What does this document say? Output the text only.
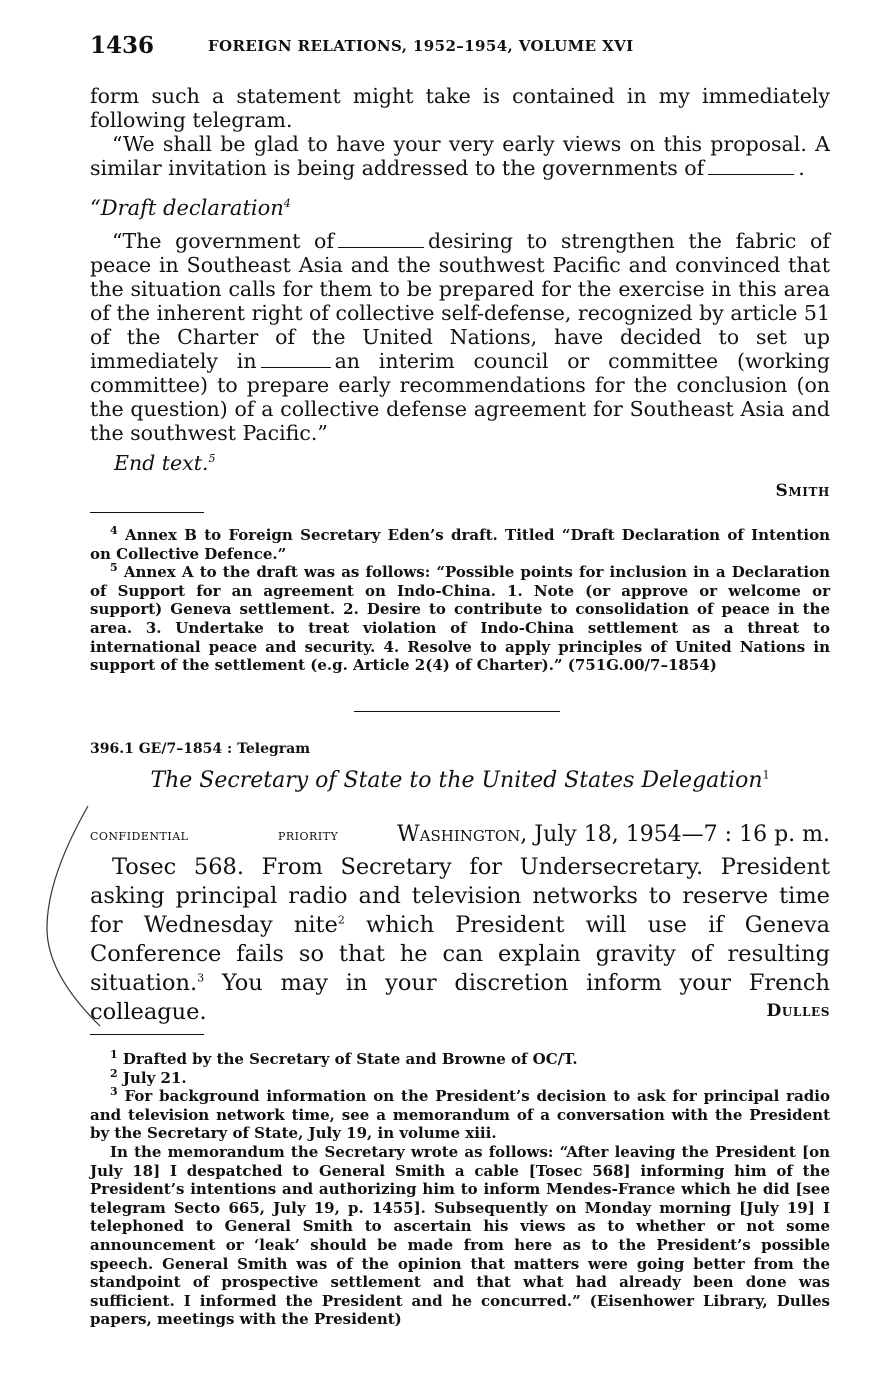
1436	FOREIGN RELATIONS, 1952–1954, VOLUME XVI

form such a statement might take is contained in my immediately following telegram.

“We shall be glad to have your very early views on this proposal. A similar invitation is being addressed to the governments of	.

“Draft declaration$^4$

“The government of	desiring to strengthen the fabric of peace in Southeast Asia and the southwest Pacific and convinced that the situation calls for them to be prepared for the exercise in this area of the inherent right of collective self-defense, recognized by article 51 of the Charter of the United Nations, have decided to set up immediately in	an interim council or committee (working committee) to prepare early recommendations for the conclusion (on the question) of a collective defense agreement for Southeast Asia and the southwest Pacific.”

End text.$^5$
Smith

$^4$ Annex B to Foreign Secretary Eden’s draft. Titled “Draft Declaration of Intention on Collective Defence.”

$^5$ Annex A to the draft was as follows: “Possible points for inclusion in a Declaration of Support for an agreement on Indo-China. 1. Note (or approve or welcome or support) Geneva settlement. 2. Desire to contribute to consolidation of peace in the area. 3. Undertake to treat violation of Indo-China settlement as a threat to international peace and security. 4. Resolve to apply principles of United Nations in support of the settlement (e.g. Article 2(4) of Charter).” (751G.00/7–1854)

396.1 GE/7–1854 : Telegram
The Secretary of State to the United States Delegation$^1$
confidential	priority	Washington, July 18, 1954—7 : 16 p. m.

Tosec 568. From Secretary for Undersecretary. President asking principal radio and television networks to reserve time for Wednesday nite$^2$ which President will use if Geneva Conference fails so that he can explain gravity of resulting situation.$^3$ You may in your discretion inform your French colleague.	Dulles

$^1$ Drafted by the Secretary of State and Browne of OC/T.

$^2$ July 21.

$^3$ For background information on the President’s decision to ask for principal radio and television network time, see a memorandum of a conversation with the President by the Secretary of State, July 19, in volume xiii.

In the memorandum the Secretary wrote as follows: “After leaving the President [on July 18] I despatched to General Smith a cable [Tosec 568] informing him of the President’s intentions and authorizing him to inform Mendes-France which he did [see telegram Secto 665, July 19, p. 1455]. Subsequently on Monday morning [July 19] I telephoned to General Smith to ascertain his views as to whether or not some announcement or ‘leak’ should be made from here as to the President’s possible speech. General Smith was of the opinion that matters were going better from the standpoint of prospective settlement and that what had already been done was sufficient. I informed the President and he concurred.” (Eisenhower Library, Dulles papers, meetings with the President)
